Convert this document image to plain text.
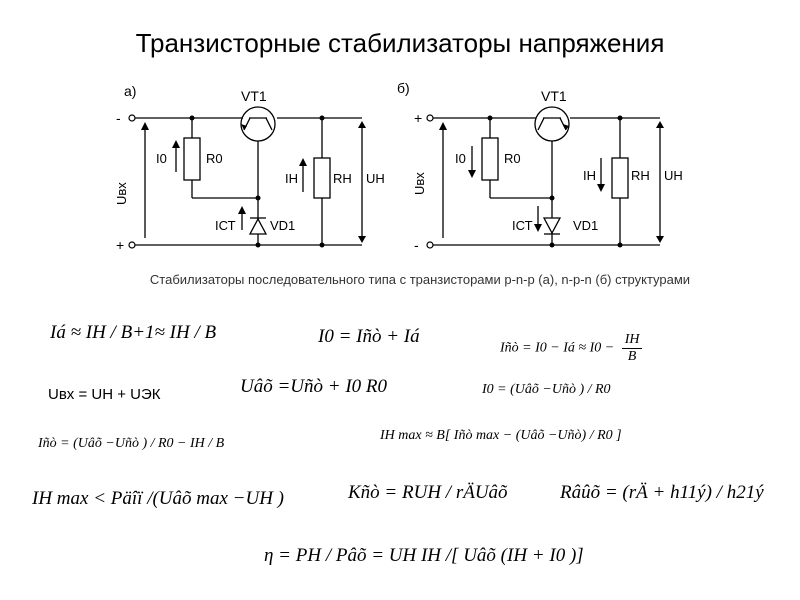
Транзисторные стабилизаторы напряжения
а)	VT1
-
+
Uвх
I0	R0
IН	RН UН
IСТ	VD1
б)	VT1
+
-
Uвх
I0	R0
IН	RН UН
IСТ	VD1
Стабилизаторы последовательного типа с транзисторами p-n-p (а), n-p-n (б) структурами
Iá ≈ IH / B+1≈ IH / B	I0 = Iñò + Iá
Iñò = I0 − Iá ≈ $I0 - \frac{IH}{B}$
Uвх = UН + UЭК	Uâõ =Uñò + I0 R0	I0 = (Uâõ −Uñò ) / R0
Iñò = (Uâõ −Uñò ) / R0 − IH / B
IH max ≈ B[ Iñò max − (Uâõ −Uñò) / R0 ]
IH max < Päîï /(Uâõ max −UH )	Kñò = RUH / rÄUâõ	Râûõ = (rÄ + h11ý) / h21ý
η = PH / Pâõ = UH IH /[ Uâõ (IH + I0 )]
